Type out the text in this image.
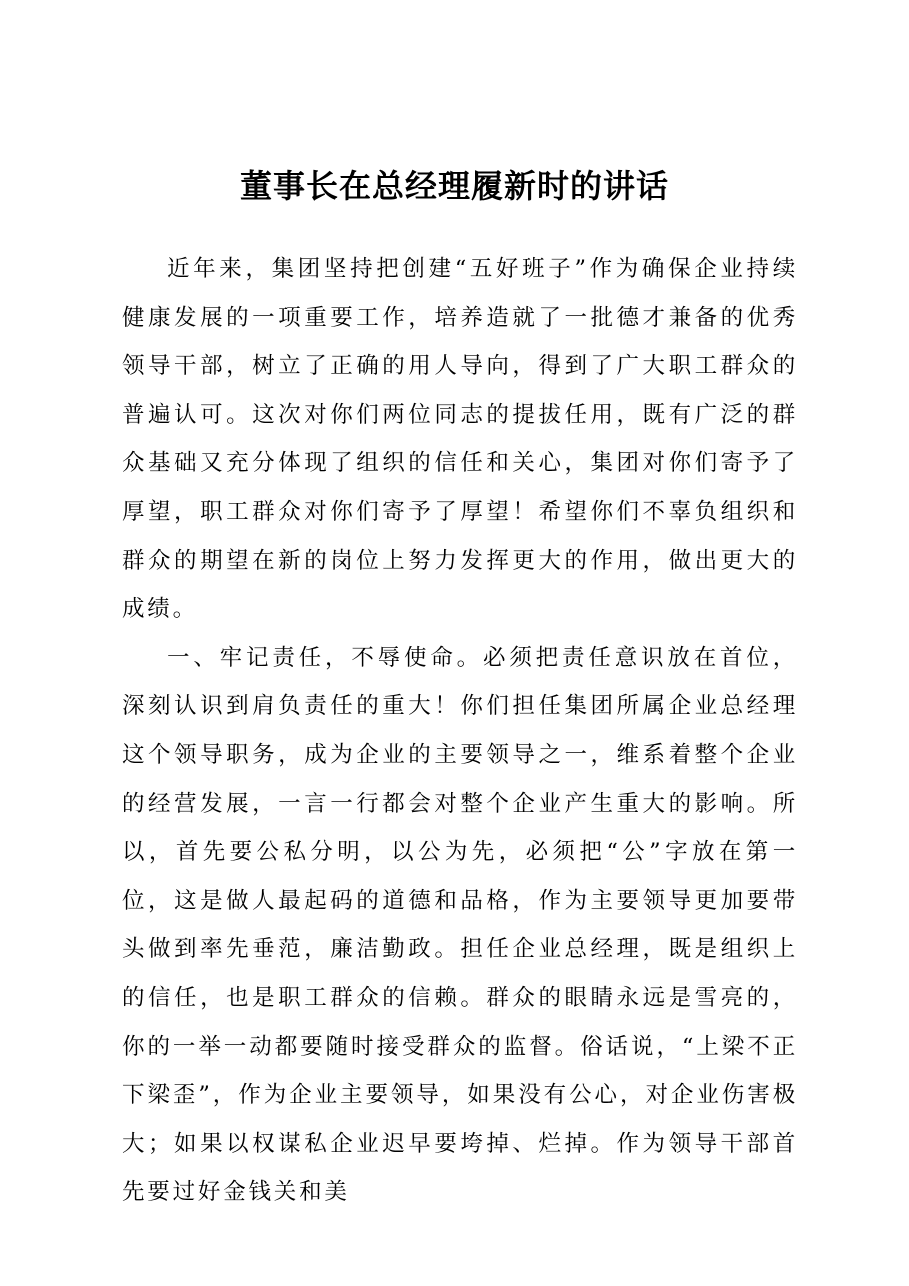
董事长在总经理履新时的讲话

近年来，集团坚持把创建“五好班子”作为确保企业持续健康发展的一项重要工作，培养造就了一批德才兼备的优秀领导干部，树立了正确的用人导向，得到了广大职工群众的普遍认可。这次对你们两位同志的提拔任用，既有广泛的群众基础又充分体现了组织的信任和关心，集团对你们寄予了厚望，职工群众对你们寄予了厚望！希望你们不辜负组织和群众的期望在新的岗位上努力发挥更大的作用，做出更大的成绩。

一、牢记责任，不辱使命。必须把责任意识放在首位，深刻认识到肩负责任的重大！你们担任集团所属企业总经理这个领导职务，成为企业的主要领导之一，维系着整个企业的经营发展，一言一行都会对整个企业产生重大的影响。所以，首先要公私分明，以公为先，必须把“公”字放在第一位，这是做人最起码的道德和品格，作为主要领导更加要带头做到率先垂范，廉洁勤政。担任企业总经理，既是组织上的信任，也是职工群众的信赖。群众的眼睛永远是雪亮的，你的一举一动都要随时接受群众的监督。俗话说，“上梁不正下梁歪”，作为企业主要领导，如果没有公心，对企业伤害极大；如果以权谋私企业迟早要垮掉、烂掉。作为领导干部首先要过好金钱关和美
